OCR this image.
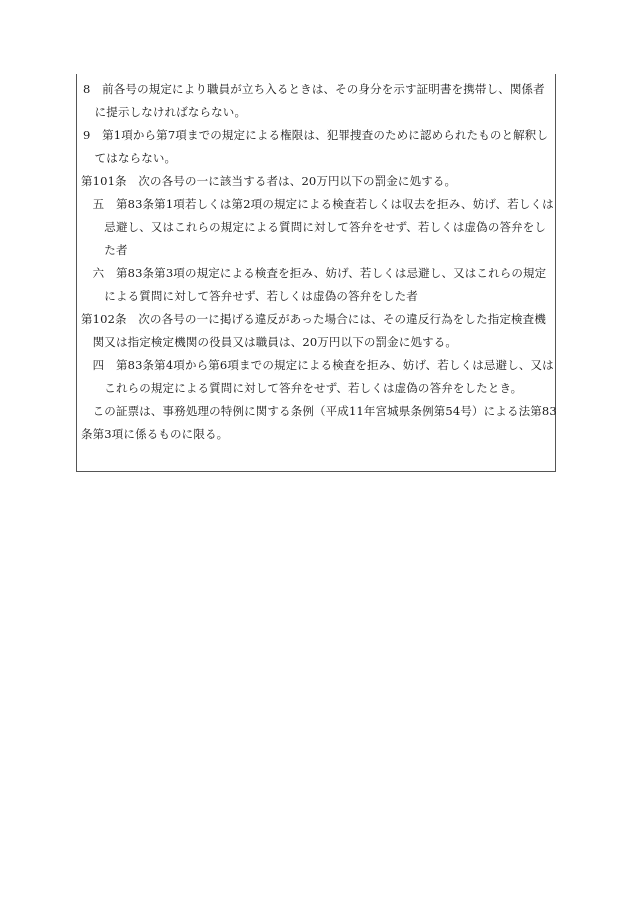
8　前各号の規定により職員が立ち入るときは、その身分を示す証明書を携帯し、関係者
　に提示しなければならない。
9　第1項から第7項までの規定による権限は、犯罪捜査のために認められたものと解釈し
　てはならない。
第101条　次の各号の一に該当する者は、20万円以下の罰金に処する。
　五　第83条第1項若しくは第2項の規定による検査若しくは収去を拒み、妨げ、若しくは
　　忌避し、又はこれらの規定による質問に対して答弁をせず、若しくは虚偽の答弁をし
　　た者
　六　第83条第3項の規定による検査を拒み、妨げ、若しくは忌避し、又はこれらの規定
　　による質問に対して答弁せず、若しくは虚偽の答弁をした者
第102条　次の各号の一に掲げる違反があった場合には、その違反行為をした指定検査機
　関又は指定検定機関の役員又は職員は、20万円以下の罰金に処する。
　四　第83条第4項から第6項までの規定による検査を拒み、妨げ、若しくは忌避し、又は
　　これらの規定による質問に対して答弁をせず、若しくは虚偽の答弁をしたとき。
　この証票は、事務処理の特例に関する条例（平成11年宮城県条例第54号）による法第83
条第3項に係るものに限る。
